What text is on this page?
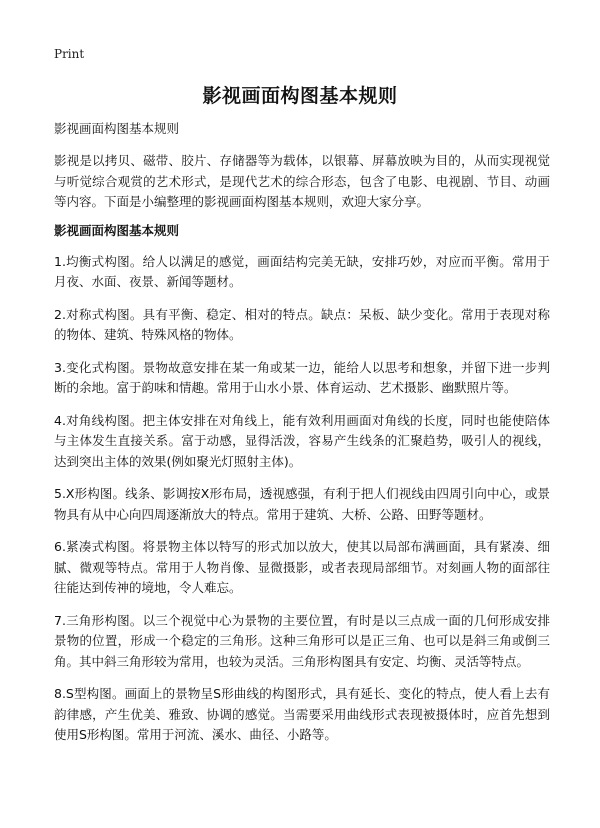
Print
影视画面构图基本规则

影视画面构图基本规则

影视是以拷贝、磁带、胶片、存储器等为载体，以银幕、屏幕放映为目的，从而实现视觉与听觉综合观赏的艺术形式，是现代艺术的综合形态，包含了电影、电视剧、节目、动画等内容。下面是小编整理的影视画面构图基本规则，欢迎大家分享。

影视画面构图基本规则

1.均衡式构图。给人以满足的感觉，画面结构完美无缺，安排巧妙，对应而平衡。常用于月夜、水面、夜景、新闻等题材。

2.对称式构图。具有平衡、稳定、相对的特点。缺点：呆板、缺少变化。常用于表现对称的物体、建筑、特殊风格的物体。

3.变化式构图。景物故意安排在某一角或某一边，能给人以思考和想象，并留下进一步判断的余地。富于韵味和情趣。常用于山水小景、体育运动、艺术摄影、幽默照片等。

4.对角线构图。把主体安排在对角线上，能有效利用画面对角线的长度，同时也能使陪体与主体发生直接关系。富于动感，显得活泼，容易产生线条的汇聚趋势，吸引人的视线，达到突出主体的效果(例如聚光灯照射主体)。

5.X形构图。线条、影调按X形布局，透视感强，有利于把人们视线由四周引向中心，或景物具有从中心向四周逐渐放大的特点。常用于建筑、大桥、公路、田野等题材。

6.紧凑式构图。将景物主体以特写的形式加以放大，使其以局部布满画面，具有紧凑、细腻、微观等特点。常用于人物肖像、显微摄影，或者表现局部细节。对刻画人物的面部往往能达到传神的境地，令人难忘。

7.三角形构图。以三个视觉中心为景物的主要位置，有时是以三点成一面的几何形成安排景物的位置，形成一个稳定的三角形。这种三角形可以是正三角、也可以是斜三角或倒三角。其中斜三角形较为常用，也较为灵活。三角形构图具有安定、均衡、灵活等特点。

8.S型构图。画面上的景物呈S形曲线的构图形式，具有延长、变化的特点，使人看上去有韵律感，产生优美、雅致、协调的感觉。当需要采用曲线形式表现被摄体时，应首先想到使用S形构图。常用于河流、溪水、曲径、小路等。
